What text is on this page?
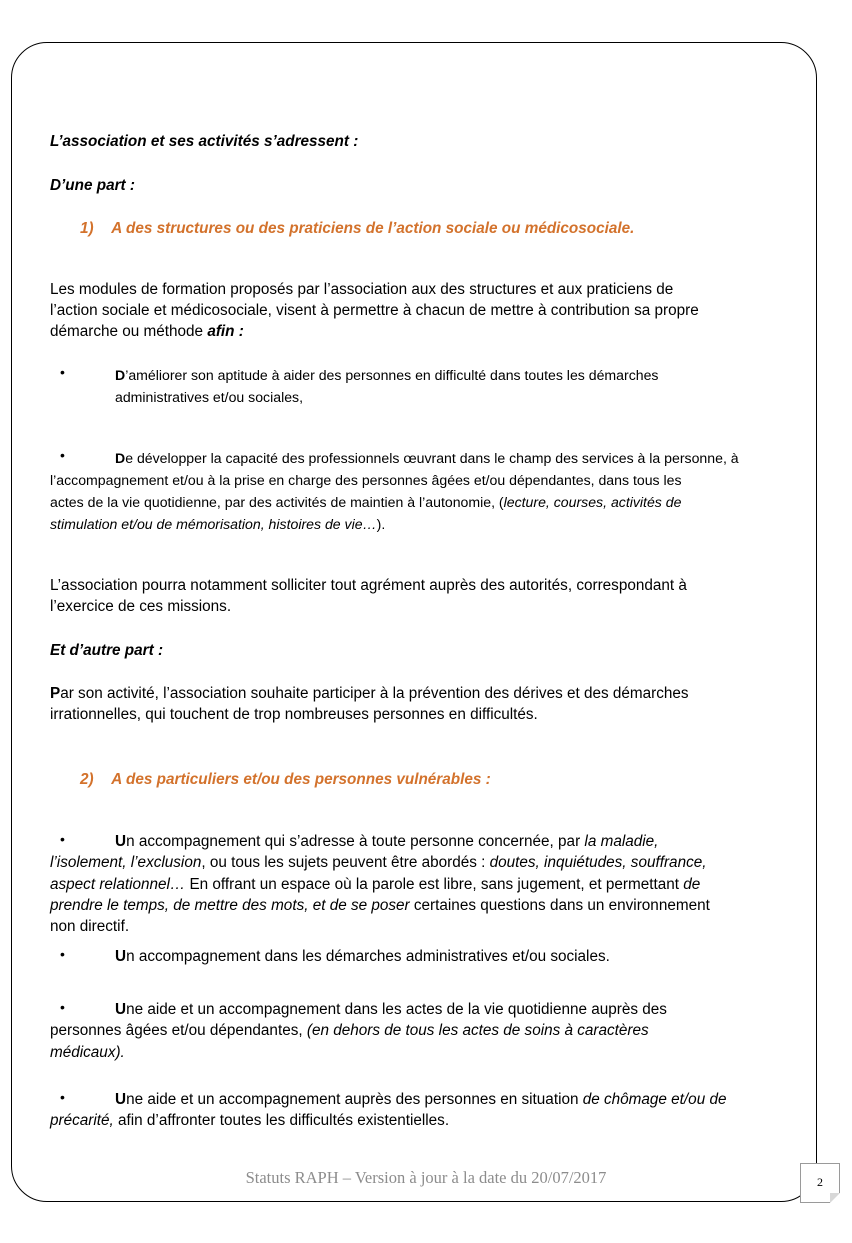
L’association et ses activités s’adressent :

D’une part :

1) A des structures ou des praticiens de l’action sociale ou médicosociale.

Les modules de formation proposés par l’association aux des structures et aux praticiens de

l’action sociale et médicosociale, visent à permettre à chacun de mettre à contribution sa propre

démarche ou méthode afin :

•	D’améliorer son aptitude à aider des personnes en difficulté dans toutes les démarches

administratives et/ou sociales,

•	De développer la capacité des professionnels œuvrant dans le champ des services à la personne, à

l’accompagnement et/ou à la prise en charge des personnes âgées et/ou dépendantes, dans tous les

actes de la vie quotidienne, par des activités de maintien à l’autonomie, (lecture, courses, activités de

stimulation et/ou de mémorisation, histoires de vie…).

L’association pourra notamment solliciter tout agrément auprès des autorités, correspondant à

l’exercice de ces missions.

Et d’autre part :

Par son activité, l’association souhaite participer à la prévention des dérives et des démarches

irrationnelles, qui touchent de trop nombreuses personnes en difficultés.

2) A des particuliers et/ou des personnes vulnérables :

•	Un accompagnement qui s’adresse à toute personne concernée, par la maladie,

l’isolement, l’exclusion, ou tous les sujets peuvent être abordés : doutes, inquiétudes, souffrance,

aspect relationnel… En offrant un espace où la parole est libre, sans jugement, et permettant de

prendre le temps, de mettre des mots, et de se poser certaines questions dans un environnement

non directif.

•	Un accompagnement dans les démarches administratives et/ou sociales.

•	Une aide et un accompagnement dans les actes de la vie quotidienne auprès des

personnes âgées et/ou dépendantes, (en dehors de tous les actes de soins à caractères

médicaux).

•	Une aide et un accompagnement auprès des personnes en situation de chômage et/ou de

précarité, afin d’affronter toutes les difficultés existentielles.

Statuts RAPH – Version à jour à la date du 20/07/2017	2
